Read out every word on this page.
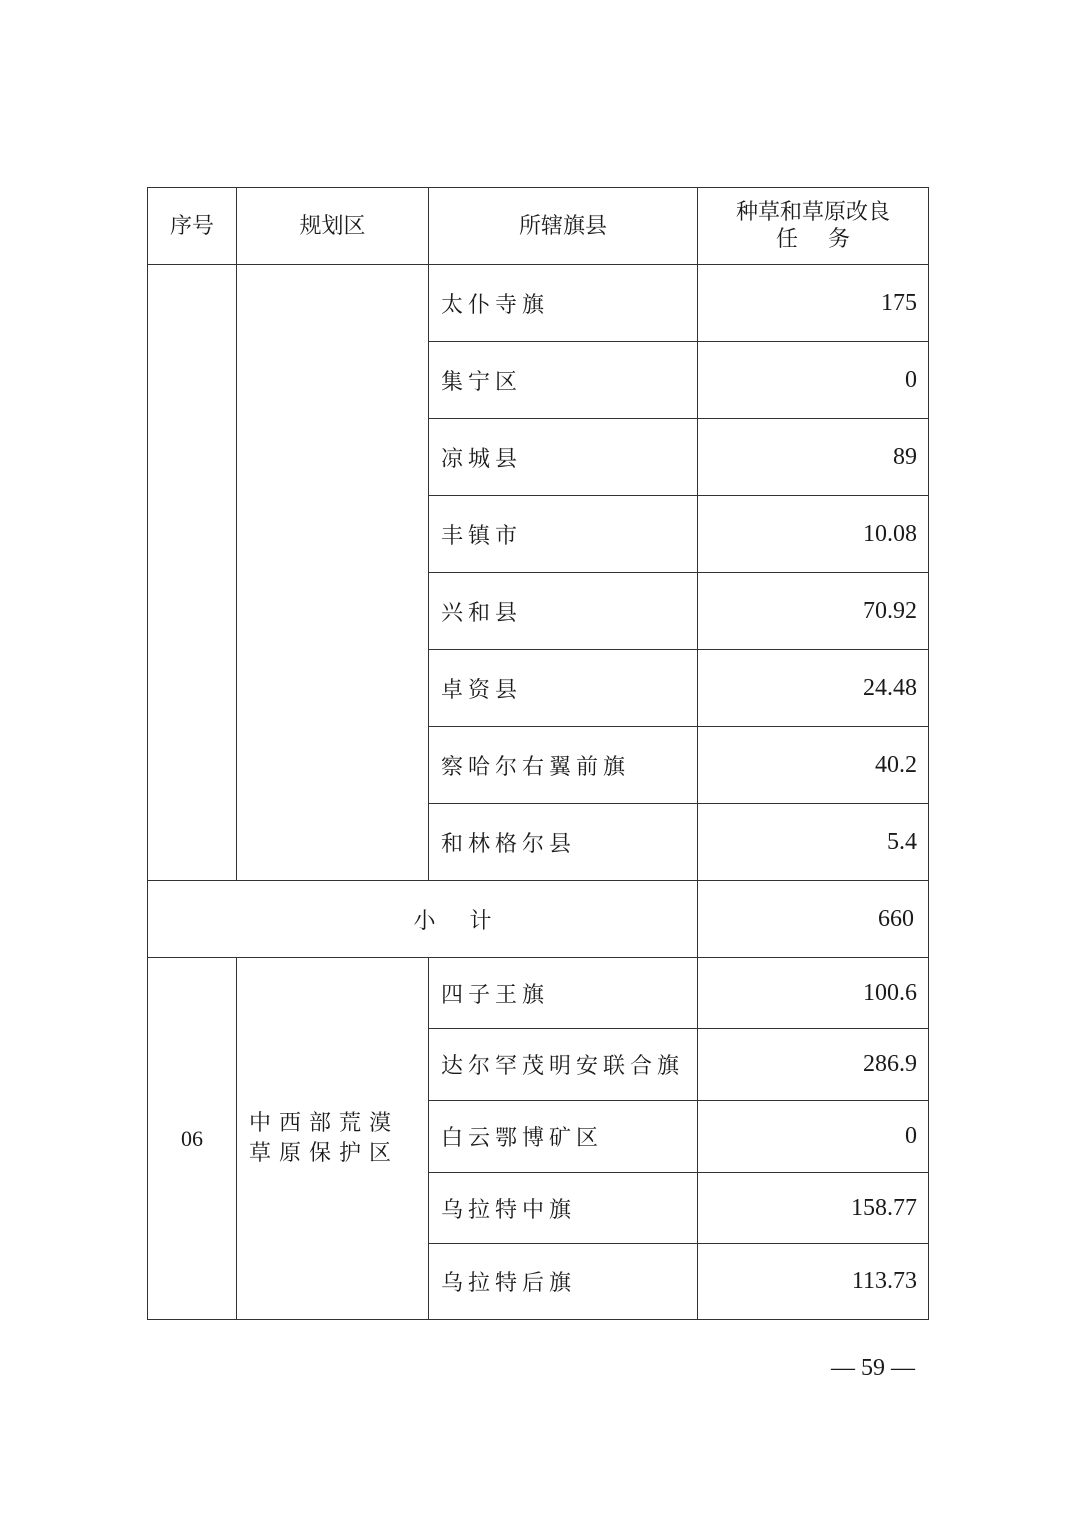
序号	规划区	所辖旗县	种草和草原改良
任 务

		太仆寺旗	175
		集宁区	0
		凉城县	89
		丰镇市	10.08
		兴和县	70.92
		卓资县	24.48
		察哈尔右翼前旗	40.2
		和林格尔县	5.4
小 计			660
06	中西部荒漠草原保护区	四子王旗	100.6
		达尔罕茂明安联合旗	286.9
		白云鄂博矿区	0
		乌拉特中旗	158.77
		乌拉特后旗	113.73
— 59 —
